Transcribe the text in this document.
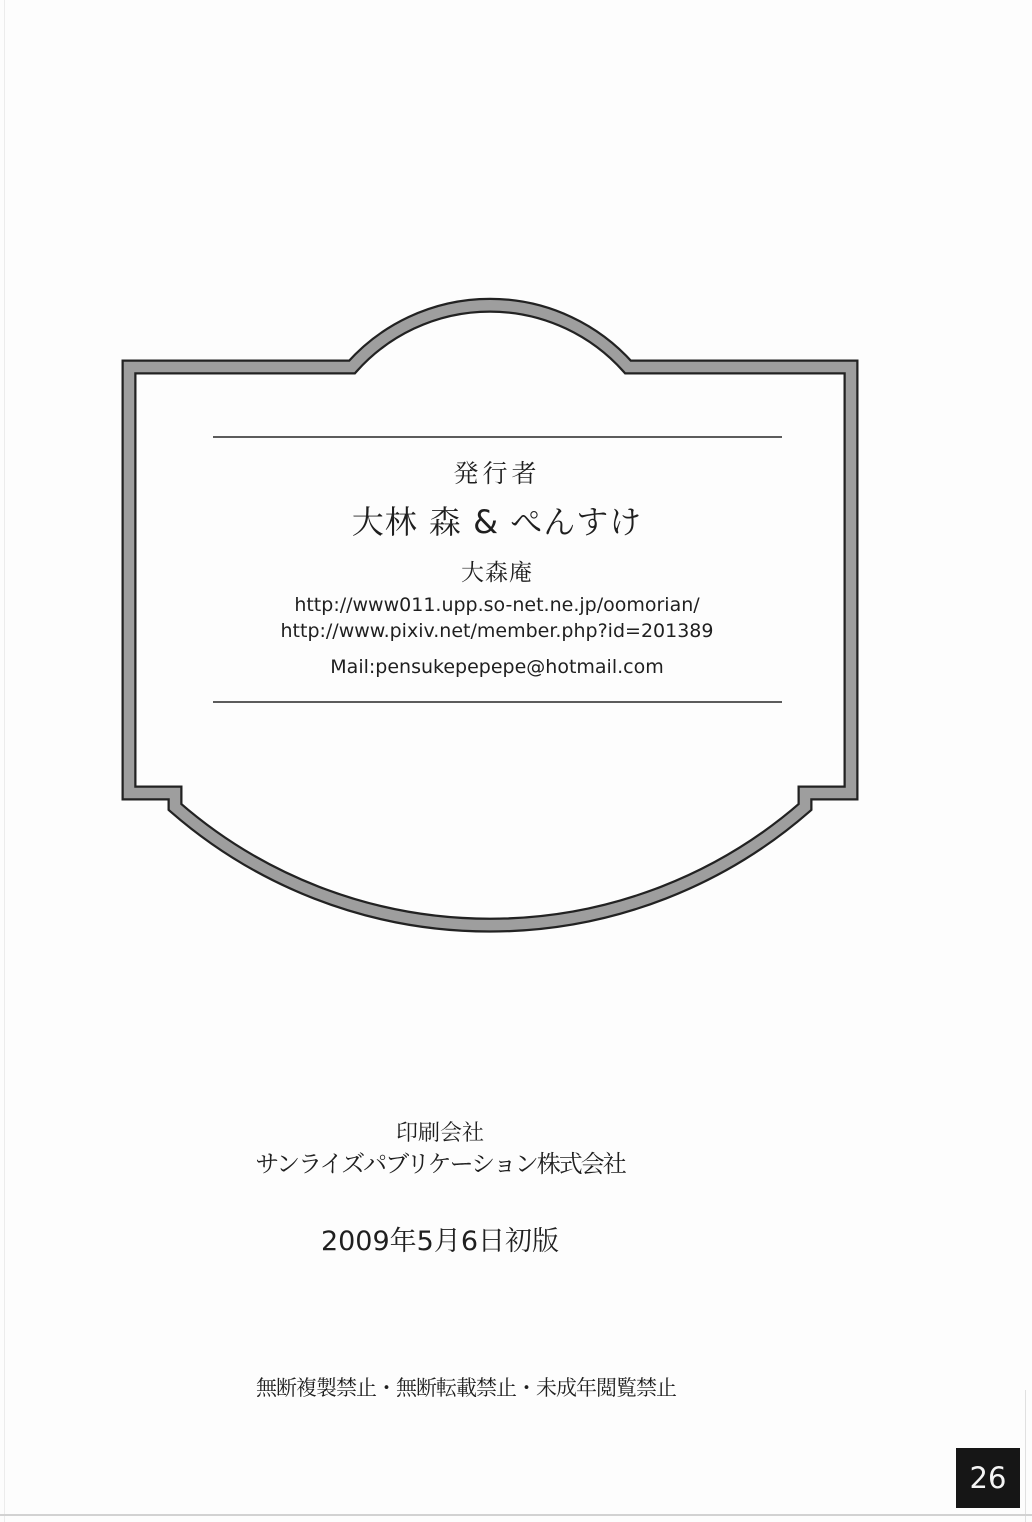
発行者
大林 森 & ぺんすけ
大森庵
http://www011.upp.so-net.ne.jp/oomorian/
http://www.pixiv.net/member.php?id=201389
Mail:pensukepepepe@hotmail.com
印刷会社
サンライズパブリケーション株式会社
2009年5月6日初版
無断複製禁止・無断転載禁止・未成年閲覧禁止
26
